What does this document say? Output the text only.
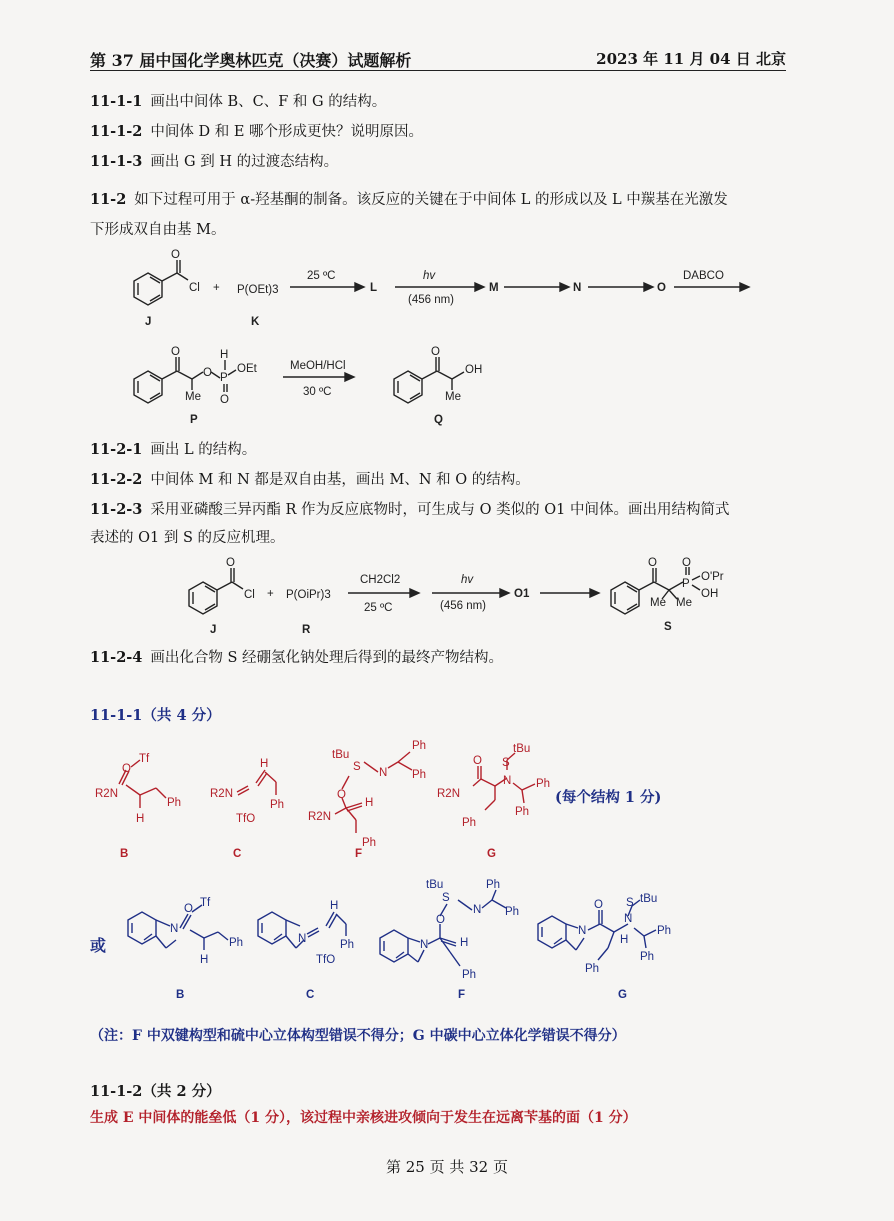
第 37 届中国化学奥林匹克（决赛）试题解析	2023 年 11 月 04 日 北京
11-1-1 画出中间体 B、C、F 和 G 的结构。
11-1-2 中间体 D 和 E 哪个形成更快？说明原因。
11-1-3 画出 G 到 H 的过渡态结构。
11-2 如下过程可用于 α-羟基酮的制备。该反应的关键在于中间体 L 的形成以及 L 中羰基在光激发
下形成双自由基 M。
O
Cl
J
+ P(OEt)3
K
25 ºC
L
hv
(456 nm)
M	N	O
DABCO
O
Me
O P
H
OEt
O
P
MeOH/HCl
30 ºC
O
OH
Me
Q
11-2-1 画出 L 的结构。
11-2-2 中间体 M 和 N 都是双自由基，画出 M、N 和 O 的结构。
11-2-3 采用亚磷酸三异丙酯 R 作为反应底物时，可生成与 O 类似的 O1 中间体。画出用结构简式
表述的 O1 到 S 的反应机理。
O
Cl
J
+ P(OiPr)3
R
CH2Cl2
25 ºC
hv
(456 nm)
O1
O
P
O
O'Pr
OH
Me Me
S
11-2-4 画出化合物 S 经硼氢化钠处理后得到的最终产物结构。
11-1-1（共 4 分）
O
Tf
R2N
Ph
H
R2N
H
Ph
TfO
tBu
S N
O
Ph
Ph
R2N
H
Ph
O
R2N
S
tBu
N Ph
Ph
Ph
B	C	F	G
(每个结构 1 分)
N
O Tf
Ph
H
N
H
Ph
TfO
N
O
S
tBu
N
Ph
Ph
H
Ph
N
O
N
S tBu
Ph
Ph
H
Ph
B	C	F	G
或
（注：F 中双键构型和硫中心立体构型错误不得分；G 中碳中心立体化学错误不得分）
11-1-2（共 2 分）
生成 E 中间体的能垒低（1 分），该过程中亲核进攻倾向于发生在远离苄基的面（1 分）
第 25 页 共 32 页
